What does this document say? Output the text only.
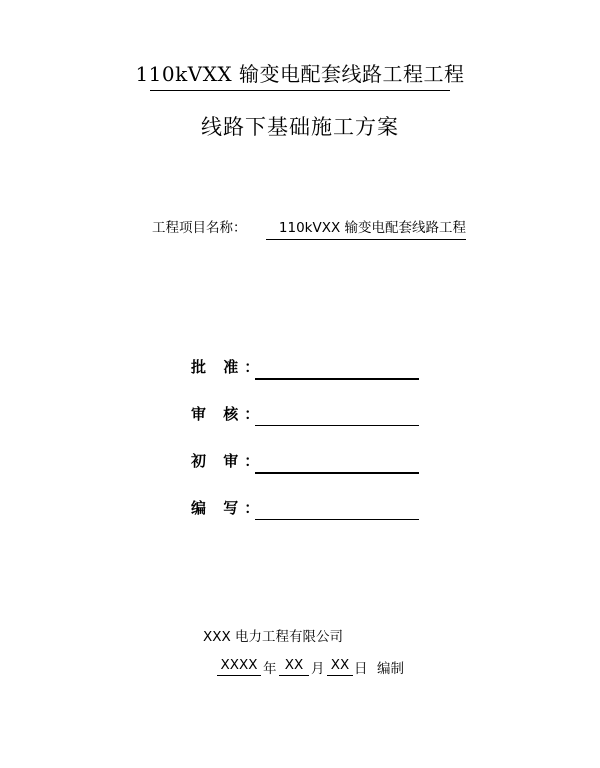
110kVXX 输变电配套线路工程工程
线路下基础施工方案
工程项目名称：	110kVXX 输变电配套线路工程
批 准：
审 核：
初 审：
编 写：
XXX 电力工程有限公司
XXXX 年 XX 月 XX 日 编制
